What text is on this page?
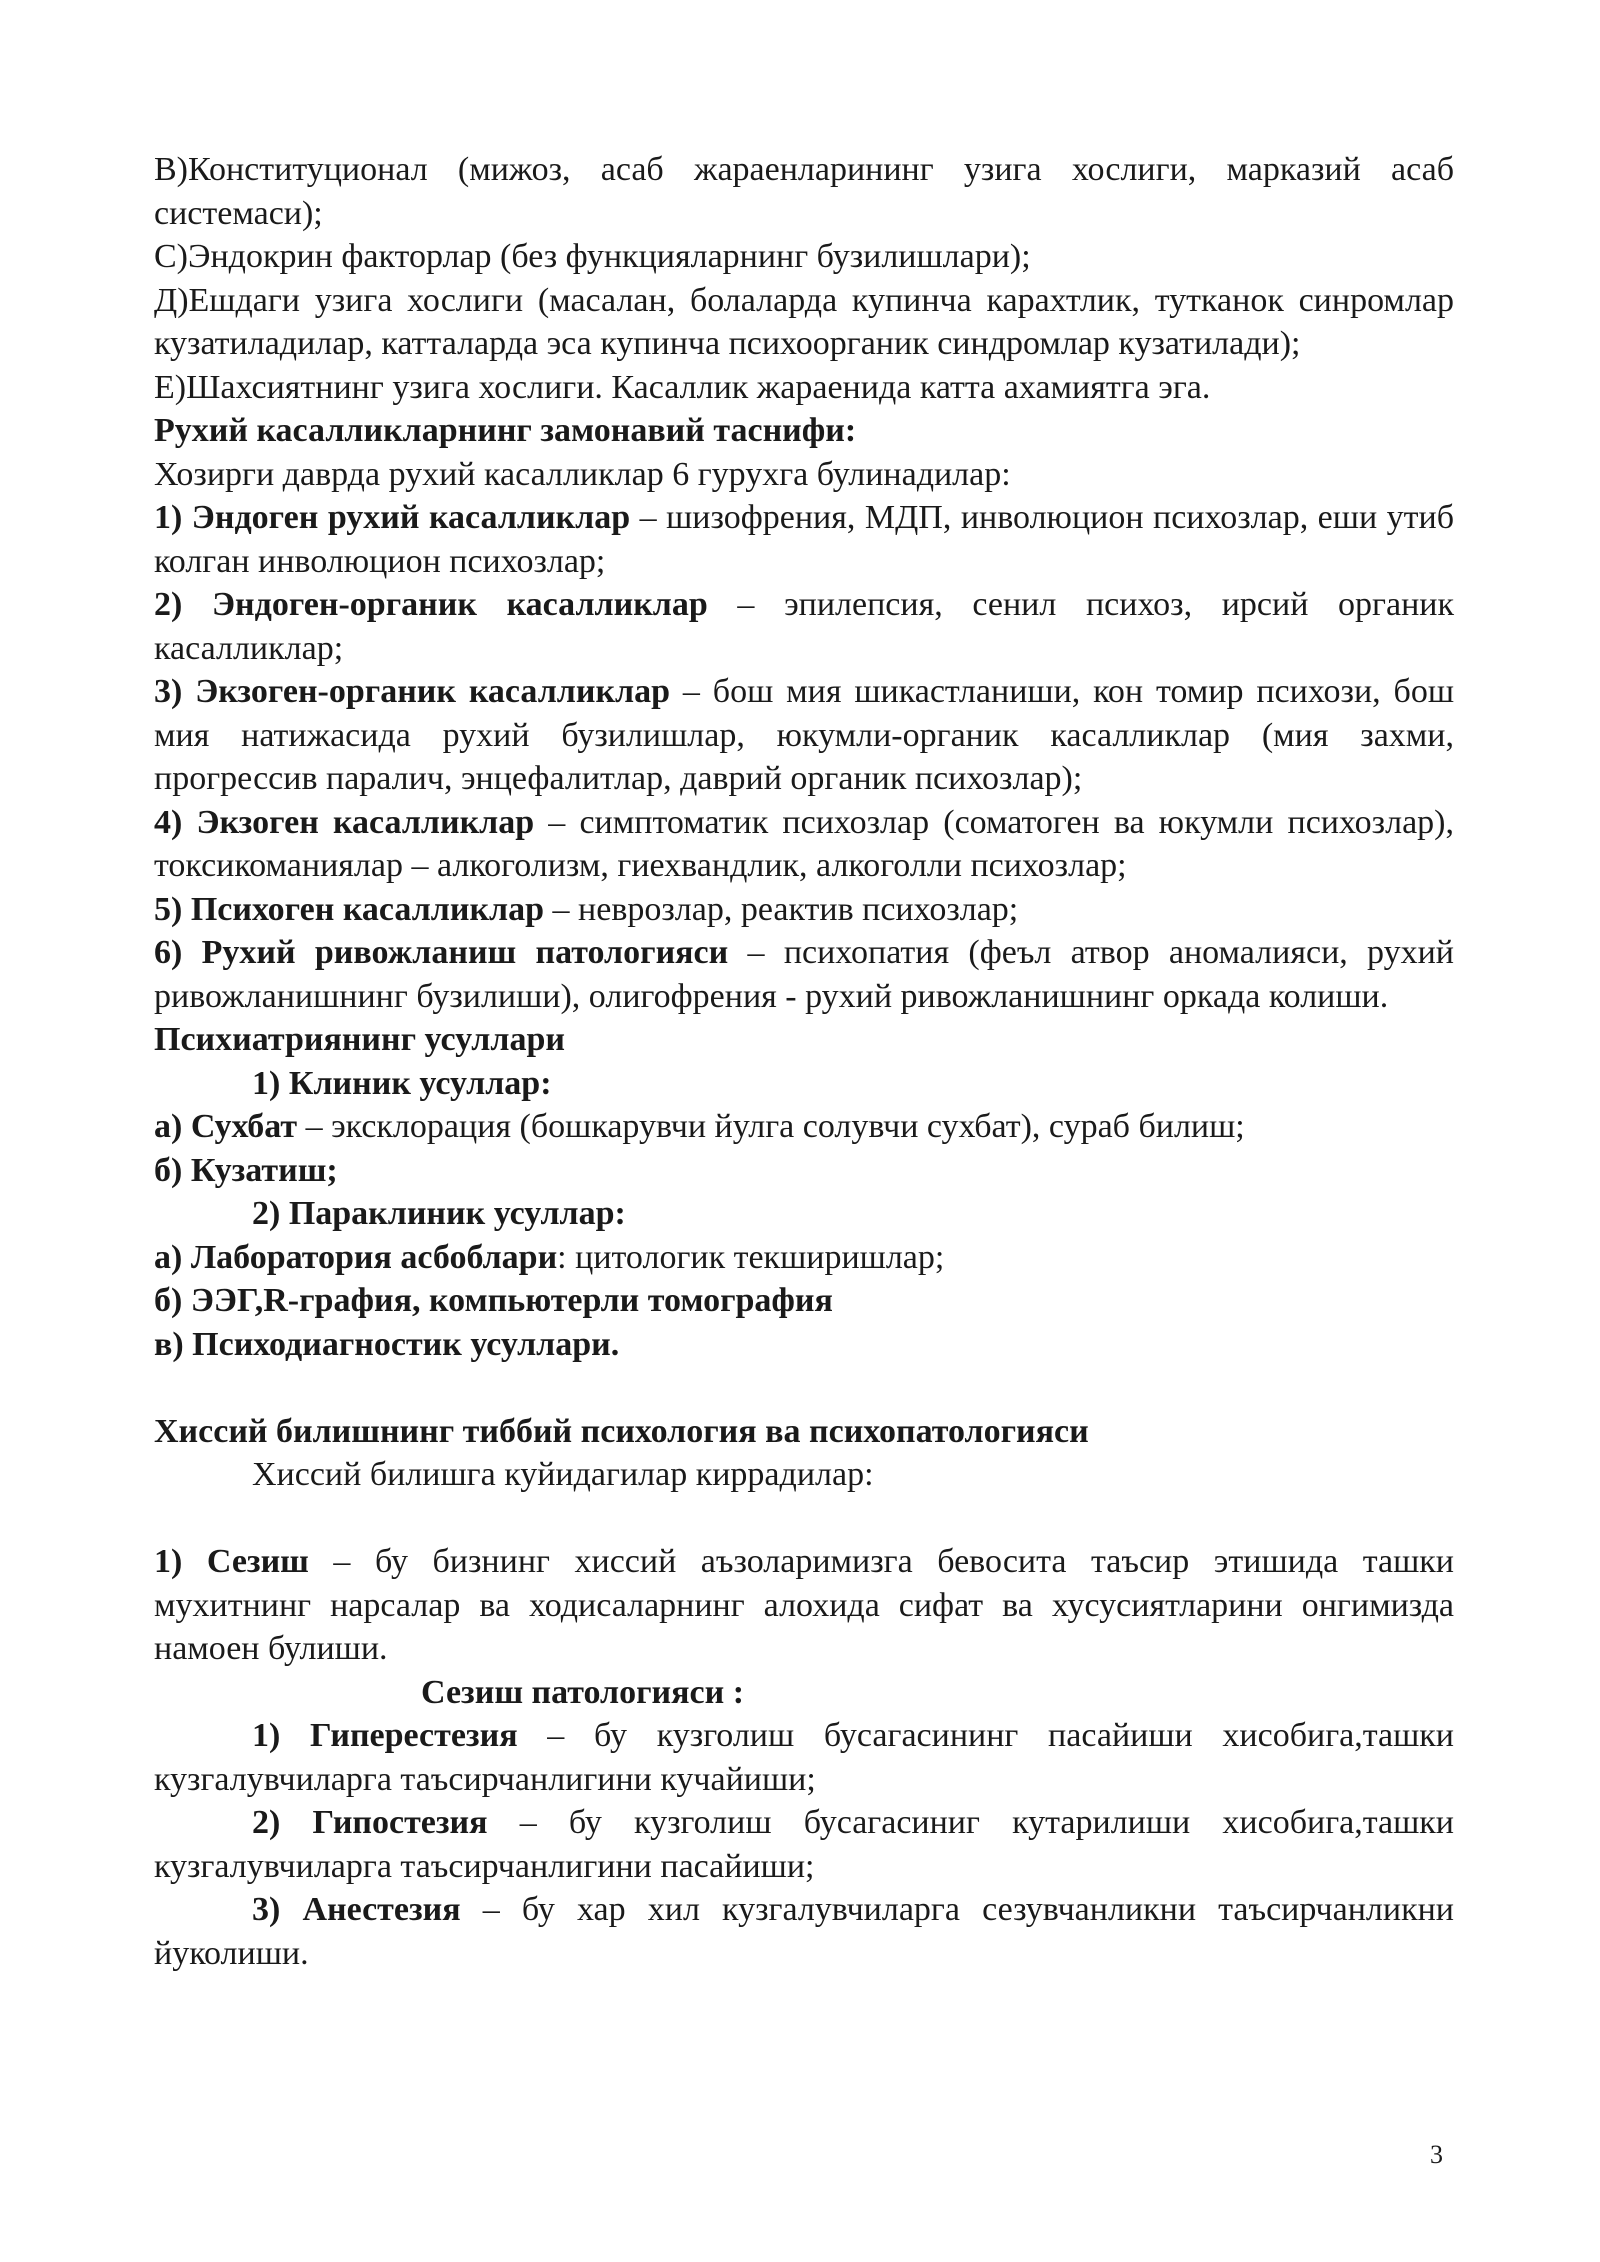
В)Конституционал (мижоз, асаб жараенларининг узига хослиги, марказий асаб системаси);

С)Эндокрин факторлар (без функцияларнинг бузилишлари);

Д)Ешдаги узига хослиги (масалан, болаларда купинча карахтлик, тутканок синромлар кузатиладилар, катталарда эса купинча психоорганик синдромлар кузатилади);

Е)Шахсиятнинг узига хослиги. Касаллик жараенида катта ахамиятга эга.

Рухий касалликларнинг замонавий таснифи:

Хозирги даврда рухий касалликлар 6 гурухга булинадилар:

1) Эндоген рухий касалликлар – шизофрения, МДП, инволюцион психозлар, еши утиб колган инволюцион психозлар;

2) Эндоген-органик касалликлар – эпилепсия, сенил психоз, ирсий органик касалликлар;

3) Экзоген-органик касалликлар – бош мия шикастланиши, кон томир психози, бош мия натижасида рухий бузилишлар, юкумли-органик касалликлар (мия захми, прогрессив паралич, энцефалитлар, даврий органик психозлар);

4) Экзоген касалликлар – симптоматик психозлар (соматоген ва юкумли психозлар), токсикоманиялар – алкоголизм, гиехвандлик, алкоголли психозлар;

5) Психоген касалликлар – неврозлар, реактив психозлар;

6) Рухий ривожланиш патологияси – психопатия (феъл атвор аномалияси, рухий ривожланишнинг бузилиши), олигофрения - рухий ривожланишнинг оркада колиши.

Психиатриянинг усуллари

1) Клиник усуллар:

а) Сухбат – эксклорация (бошкарувчи йулга солувчи сухбат), сураб билиш;

б) Кузатиш;

2) Параклиник усуллар:

а) Лаборатория асбоблари: цитологик текширишлар;

б) ЭЭГ,R-графия, компьютерли томография

в) Психодиагностик усуллари.

Хиссий билишнинг тиббий психология ва психопатологияси

Хиссий билишга куйидагилар киррадилар:

1) Сезиш – бу бизнинг хиссий аъзоларимизга бевосита таъсир этишида ташки мухитнинг нарсалар ва ходисаларнинг алохида сифат ва хусусиятларини онгимизда намоен булиши.

Сезиш патологияси :

1) Гиперестезия – бу кузголиш бусагасининг пасайиши хисобига,ташки кузгалувчиларга таъсирчанлигини кучайиши;

2) Гипостезия – бу кузголиш бусагасиниг кутарилиши хисобига,ташки кузгалувчиларга таъсирчанлигини пасайиши;

3) Анестезия – бу хар хил кузгалувчиларга сезувчанликни таъсирчанликни йуколиши.

3
